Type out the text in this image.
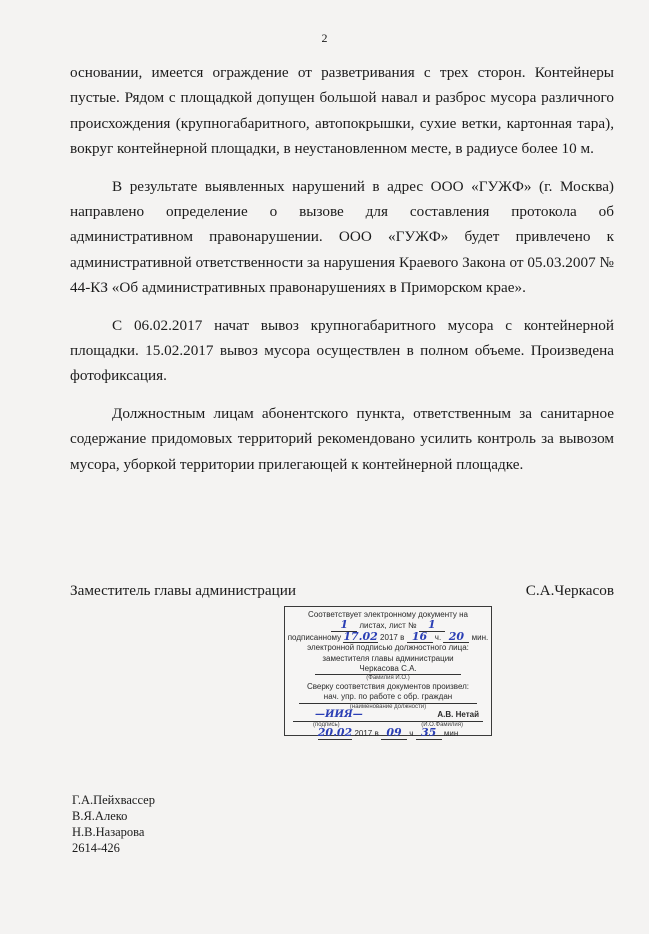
2

основании, имеется ограждение от разветривания с трех сторон. Контейнеры пустые. Рядом с площадкой допущен большой навал и разброс мусора различного происхождения (крупногабаритного, автопокрышки, сухие ветки, картонная тара), вокруг контейнерной площадки, в неустановленном месте, в радиусе более 10 м.

В результате выявленных нарушений в адрес ООО «ГУЖФ» (г. Москва) направлено определение о вызове для составления протокола об административном правонарушении. ООО «ГУЖФ» будет привлечено к административной ответственности за нарушения Краевого Закона от 05.03.2007 № 44-КЗ «Об административных правонарушениях в Приморском крае».

С 06.02.2017 начат вывоз крупногабаритного мусора с контейнерной площадки. 15.02.2017 вывоз мусора осуществлен в полном объеме. Произведена фотофиксация.

Должностным лицам абонентского пункта, ответственным за санитарное содержание придомовых территорий рекомендовано усилить контроль за вывозом мусора, уборкой территории прилегающей к контейнерной площадке.

Заместитель главы администрации	С.А.Черкасов
Соответствует электронному документу на
1 листах, лист № 1
подписанному 17.02 2017 в 16 ч. 20 мин.
электронной подписью должностного лица:
заместителя главы администрации
Черкасова С.А.
(Фамилия И.О.)
Сверку соответствия документов произвел:
нач. упр. по работе с обр. граждан
(наименование должности)
—ИИЯ—	А.В. Нетай
(подпись)	(И.О.Фамилия)
20.02 2017 в 09 ч 35 мин
Г.А.Пейхвассер
В.Я.Алеко
Н.В.Назарова
2614-426
